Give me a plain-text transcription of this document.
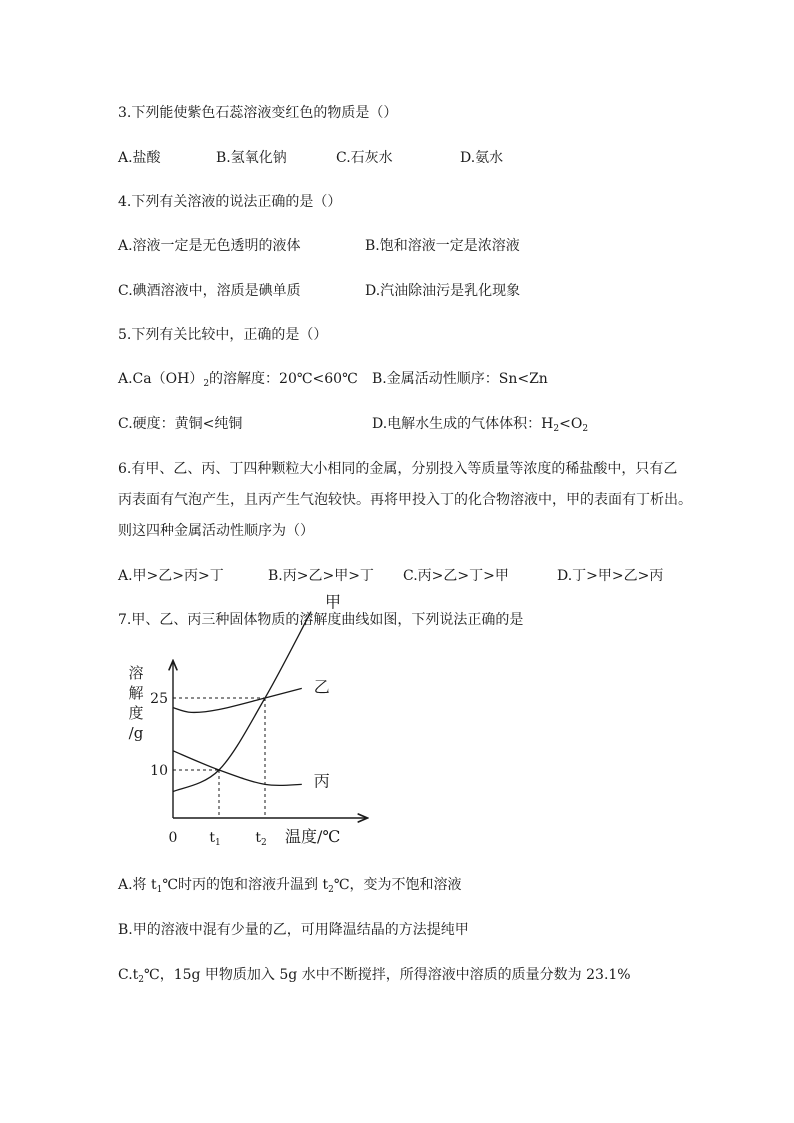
3.下列能使紫色石蕊溶液变红色的物质是（）
A.盐酸	B.氢氧化钠	C.石灰水	D.氨水
4.下列有关溶液的说法正确的是（）
A.溶液一定是无色透明的液体	B.饱和溶液一定是浓溶液
C.碘酒溶液中，溶质是碘单质	D.汽油除油污是乳化现象
5.下列有关比较中，正确的是（）
$A.Ca(OH)_2$的溶解度：20℃<60℃ B.金属活动性顺序：Sn<Zn
C.硬度：黄铜<纯铜	D.电解水生成的气体体积：$H_2<O_2$
6.有甲、乙、丙、丁四种颗粒大小相同的金属，分别投入等质量等浓度的稀盐酸中，只有乙
丙表面有气泡产生，且丙产生气泡较快。再将甲投入丁的化合物溶液中，甲的表面有丁析出。
则这四种金属活动性顺序为（）
A.甲>乙>丙>丁	B.丙>乙>甲>丁 C.丙>乙>丁>甲	D.丁>甲>乙>丙
7.甲、乙、丙三种固体物质的溶解度曲线如图，下列说法正确的是
溶
解
度
/g
10
25
0 $t_1$ $t_2$ 温度/℃
甲
乙
丙
A.将 $t_1℃$时丙的饱和溶液升温到 $t_2℃$，变为不饱和溶液
B.甲的溶液中混有少量的乙，可用降温结晶的方法提纯甲
$C.t_2℃$，15g 甲物质加入 5g 水中不断搅拌，所得溶液中溶质的质量分数为 23.1%
